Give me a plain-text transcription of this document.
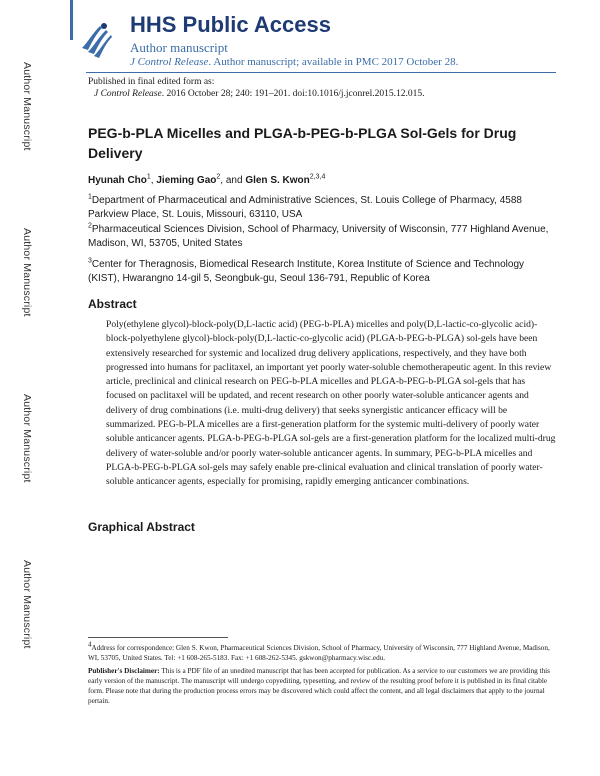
Author Manuscript
Author Manuscript
Author Manuscript
Author Manuscript
HHS Public Access
Author manuscript
J Control Release. Author manuscript; available in PMC 2017 October 28.
Published in final edited form as:
J Control Release. 2016 October 28; 240: 191–201. doi:10.1016/j.jconrel.2015.12.015.
PEG-b-PLA Micelles and PLGA-b-PEG-b-PLGA Sol-Gels for Drug Delivery
Hyunah Cho$^1$, Jieming Gao$^2$, and Glen S. Kwon$^{2,3,4}$
$^1$Department of Pharmaceutical and Administrative Sciences, St. Louis College of Pharmacy, 4588 Parkview Place, St. Louis, Missouri, 63110, USA
$^2$Pharmaceutical Sciences Division, School of Pharmacy, University of Wisconsin, 777 Highland Avenue, Madison, WI, 53705, United States
$^3$Center for Theragnosis, Biomedical Research Institute, Korea Institute of Science and Technology (KIST), Hwarangno 14-gil 5, Seongbuk-gu, Seoul 136-791, Republic of Korea
Abstract
Poly(ethylene glycol)-block-poly(D,L-lactic acid) (PEG-b-PLA) micelles and poly(D,L-lactic-co-glycolic acid)-block-polyethylene glycol)-block-poly(D,L-lactic-co-glycolic acid) (PLGA-b-PEG-b-PLGA) sol-gels have been extensively researched for systemic and localized drug delivery applications, respectively, and they have both progressed into humans for paclitaxel, an important yet poorly water-soluble chemotherapeutic agent. In this review article, preclinical and clinical research on PEG-b-PLA micelles and PLGA-b-PEG-b-PLGA sol-gels that has focused on paclitaxel will be updated, and recent research on other poorly water-soluble anticancer agents and delivery of drug combinations (i.e. multi-drug delivery) that seeks synergistic anticancer efficacy will be summarized. PEG-b-PLA micelles are a first-generation platform for the systemic multi-delivery of poorly water soluble anticancer agents. PLGA-b-PEG-b-PLGA sol-gels are a first-generation platform for the localized multi-drug delivery of water-soluble and/or poorly water-soluble anticancer agents. In summary, PEG-b-PLA micelles and PLGA-b-PEG-b-PLGA sol-gels may safely enable pre-clinical evaluation and clinical translation of poorly water-soluble anticancer agents, especially for promising, rapidly emerging anticancer combinations.
Graphical Abstract
$^4$Address for correspondence: Glen S. Kwon, Pharmaceutical Sciences Division, School of Pharmacy, University of Wisconsin, 777 Highland Avenue, Madison, WI, 53705, United States. Tel: +1 608-265-5183. Fax: +1 608-262-5345. gskwon@pharmacy.wisc.edu.
Publisher's Disclaimer: This is a PDF file of an unedited manuscript that has been accepted for publication. As a service to our customers we are providing this early version of the manuscript. The manuscript will undergo copyediting, typesetting, and review of the resulting proof before it is published in its final citable form. Please note that during the production process errors may be discovered which could affect the content, and all legal disclaimers that apply to the journal pertain.
